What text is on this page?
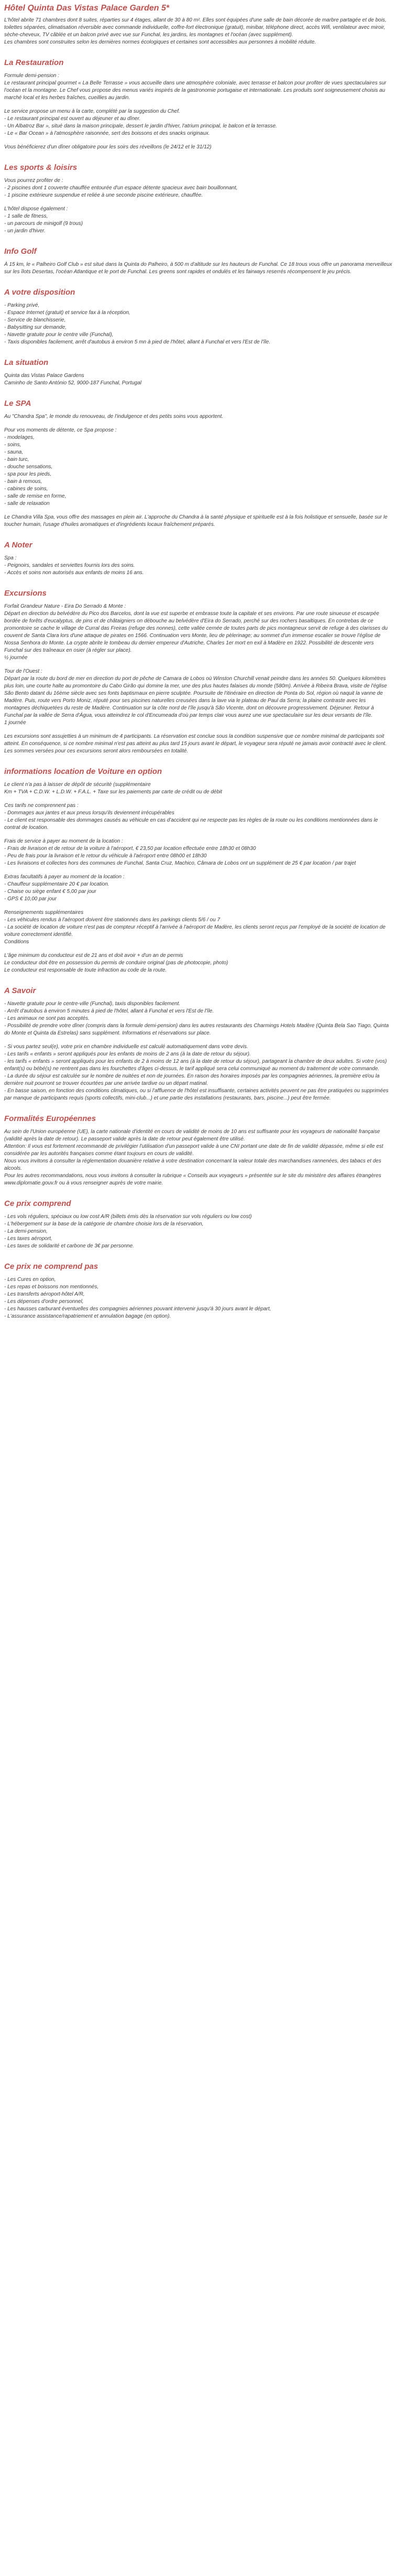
Hôtel Quinta Das Vistas Palace Garden 5*

L'hôtel abrite 71 chambres dont 8 suites, réparties sur 4 étages, allant de 30 à 80 m². Elles sont équipées d'une salle de bain décorée de marbre partagée et de bois, toilettes séparées, climatisation réversible avec commande individuelle, coffre-fort électronique (gratuit), minibar, téléphone direct, accès Wifi, ventilateur avec miroir, sèche-cheveux, TV câblée et un balcon privé avec vue sur Funchal, les jardins, les montagnes et l'océan (avec supplément).

Les chambres sont construites selon les dernières normes écologiques et certaines sont accessibles aux personnes à mobilité réduite.

La Restauration

Formule demi-pension :

Le restaurant principal gourmet « La Belle Terrasse » vous accueille dans une atmosphère coloniale, avec terrasse et balcon pour profiter de vues spectaculaires sur l'océan et la montagne. Le Chef vous propose des menus variés inspirés de la gastronomie portugaise et internationale. Les produits sont soigneusement choisis au marché local et les herbes fraîches, cueillies au jardin.

Le service propose un menu à la carte, complété par la suggestion du Chef.

- Le restaurant principal est ouvert au déjeuner et au dîner.

- Un Albatroz Bar », situé dans la maison principale, dessert le jardin d'hiver, l'atrium principal, le balcon et la terrasse.

- Le « Bar Ocean » à l'atmosphère raisonnée, sert des boissons et des snacks originaux.

Vous bénéficierez d'un dîner obligatoire pour les soirs des réveillons (le 24/12 et le 31/12)

Les sports & loisirs

Vous pourrez profiter de :

- 2 piscines dont 1 couverte chauffée entourée d'un espace détente spacieux avec bain bouillonnant,

- 1 piscine extérieure suspendue et reliée à une seconde piscine extérieure, chauffée.

L'hôtel dispose également :

- 1 salle de fitness,

- un parcours de minigolf (9 trous)

- un jardin d'hiver.

Info Golf

À 15 km, le « Palheiro Golf Club » est situé dans la Quinta do Palheiro, à 500 m d'altitude sur les hauteurs de Funchal. Ce 18 trous vous offre un panorama merveilleux sur les îlots Desertas, l'océan Atlantique et le port de Funchal. Les greens sont rapides et ondulés et les fairways reserrés récompensent le jeu précis.

A votre disposition

- Parking privé,

- Espace Internet (gratuit) et service fax à la réception,

- Service de blanchisserie,

- Babysitting sur demande,

- Navette gratuite pour le centre ville (Funchal),

- Taxis disponibles facilement, arrêt d'autobus à environ 5 mn à pied de l'hôtel, allant à Funchal et vers l'Est de l'île.

La situation

Quinta das Vistas Palace Gardens

Caminho de Santo António 52, 9000-187 Funchal, Portugal

Le SPA

Au "Chandra Spa", le monde du renouveau, de l'indulgence et des petits soins vous apportent.

Pour vos moments de détente, ce Spa propose :

- modelages,

- soins,

- sauna,

- bain turc,

- douche sensations,

- spa pour les pieds,

- bain à remous,

- cabines de soins,

- salle de remise en forme,

- salle de relaxation

Le Chandra Villa Spa, vous offre des massages en plein air. L'approche du Chandra à la santé physique et spirituelle est à la fois holistique et sensuelle, basée sur le toucher humain, l'usage d'huiles aromatiques et d'ingrédients locaux fraîchement préparés.

A Noter

Spa :

- Peignoirs, sandales et serviettes fournis lors des soins.

- Accès et soins non autorisés aux enfants de moins 16 ans.

Excursions

Forfait Grandeur Nature - Eira Do Serrado & Monte :

Départ en direction du belvédère du Pico dos Barcelos, dont la vue est superbe et embrasse toute la capitale et ses environs. Par une route sinueuse et escarpée bordée de forêts d'eucalyptus, de pins et de châtaigniers on débouche au belvédère d'Eira do Serrado, perché sur des rochers basaltiques. En contrebas de ce promontoire se cache le village de Curral das Freiras (refuge des nonnes), cette vallée cernée de toutes parts de pics montagneux servit de refuge à des clarisses du couvent de Santa Clara lors d'une attaque de pirates en 1566. Continuation vers Monte, lieu de pèlerinage; au sommet d'un immense escalier se trouve l'église de Nossa Senhora do Monte. La crypte abrite le tombeau du dernier empereur d'Autriche, Charles 1er mort en exil à Madère en 1922. Possibilité de descente vers Funchal sur des traîneaux en osier (à régler sur place).

½ journée

Tour de l'Ouest :

Départ par la route du bord de mer en direction du port de pêche de Camara de Lobos où Winston Churchill venait peindre dans les années 50. Quelques kilomètres plus loin, une courte halte au promontoire du Cabo Girão qui domine la mer, une des plus hautes falaises du monde (580m). Arrivée à Ribeira Brava, visite de l'église São Bento datant du 16ème siècle avec ses fonts baptismaux en pierre sculptée. Poursuite de l'itinéraire en direction de Ponta do Sol, région où naquit la vanne de Madère. Puis, route vers Porto Moniz, réputé pour ses piscines naturelles creusées dans la lave via le plateau de Paul da Serra; la plaine contraste avec les montagnes déchiquetées du reste de Madère. Continuation sur la côte nord de l'île jusqu'à São Vicente, dont on découvre progressivement. Déjeuner. Retour à Funchal par la vallée de Serra d'Água, vous atteindrez le col d'Encumeada d'où par temps clair vous aurez une vue spectaculaire sur les deux versants de l'île.

1 journée

Les excursions sont assujetties à un minimum de 4 participants. La réservation est conclue sous la condition suspensive que ce nombre minimal de participants soit atteint. En conséquence, si ce nombre minimal n'est pas atteint au plus tard 15 jours avant le départ, le voyageur sera réputé ne jamais avoir contracté avec le client. Les sommes versées pour ces excursions seront alors remboursées en totalité.

informations location de Voiture en option

Le client n'a pas à laisser de dépôt de sécurité (supplémentaire

Km + TVA + C.D.W. + L.D.W. + F.A.L. + Taxe sur les paiements par carte de crédit ou de débit

Ces tarifs ne comprennent pas :

- Dommages aux jantes et aux pneus lorsqu'ils deviennent irrécupérables

- Le client est responsable des dommages causés au véhicule en cas d'accident qui ne respecte pas les règles de la route ou les conditions mentionnées dans le contrat de location.

Frais de service à payer au moment de la location :

- Frais de livraison et de retour de la voiture à l'aéroport, € 23,50 par location effectuée entre 18h30 et 08h30

- Peu de frais pour la livraison et le retour du véhicule à l'aéroport entre 08h00 et 18h30

- Les livraisons et collectes hors des communes de Funchal, Santa Cruz, Machico, Câmara de Lobos ont un supplément de 25 € par location / par trajet

Extras facultatifs à payer au moment de la location :

- Chauffeur supplémentaire 20 € par location.

- Chaise ou siège enfant € 5,00 par jour

- GPS € 10,00 par jour

Renseignements supplémentaires

- Les véhicules rendus à l'aéroport doivent être stationnés dans les parkings clients 5/6 / ou 7

- La société de location de voiture n'est pas de compteur réceptif à l'arrivée à l'aéroport de Madère, les clients seront reçus par l'employé de la société de location de voiture correctement identifié.

Conditions

L'âge minimum du conducteur est de 21 ans et doit avoir + d'un an de permis

Le conducteur doit être en possession du permis de conduire original (pas de photocopie, photo)

Le conducteur est responsable de toute infraction au code de la route.

A Savoir

- Navette gratuite pour le centre-ville (Funchal), taxis disponibles facilement.

- Arrêt d'autobus à environ 5 minutes à pied de l'hôtel, allant à Funchal et vers l'Est de l'île.

- Les animaux ne sont pas acceptés.

- Possibilité de prendre votre dîner (compris dans la formule demi-pension) dans les autres restaurants des Charmings Hotels Madère (Quinta Bela Sao Tiago, Quinta do Monte et Quinta da Estrelas) sans supplément. Informations et réservations sur place.

- Si vous partez seul(e), votre prix en chambre individuelle est calculé automatiquement dans votre devis.

- Les tarifs « enfants » seront appliqués pour les enfants de moins de 2 ans (à la date de retour du séjour).

- les tarifs « enfants » seront appliqués pour les enfants de 2 à moins de 12 ans (à la date de retour du séjour), partageant la chambre de deux adultes. Si votre (vos) enfant(s) ou bébé(s) ne rentrent pas dans les fourchettes d'âges ci-dessus, le tarif appliqué sera celui communiqué au moment du traitement de votre commande.

- La durée du séjour est calculée sur le nombre de nuitées et non de journées. En raison des horaires imposés par les compagnies aériennes, la première et/ou la dernière nuit pourront se trouver écourtées par une arrivée tardive ou un départ matinal.

- En basse saison, en fonction des conditions climatiques, ou si l'affluence de l'hôtel est insuffisante, certaines activités peuvent ne pas être pratiquées ou supprimées par manque de participants requis (sports collectifs, mini-club...) et une partie des installations (restaurants, bars, piscine...) peut être fermée.

Formalités Européennes

Au sein de l'Union européenne (UE), la carte nationale d'identité en cours de validité de moins de 10 ans est suffisante pour les voyageurs de nationalité française (validité après la date de retour). Le passeport valide après la date de retour peut également être utilisé.

Attention: Il vous est fortement recommandé de privilégier l'utilisation d'un passeport valide à une CNI portant une date de fin de validité dépassée, même si elle est considérée par les autorités françaises comme étant toujours en cours de validité.

Nous vous invitons à consulter la réglementation douanière relative à votre destination concernant la valeur totale des marchandises rannenées, des tabacs et des alcools.

Pour les autres recommandations, nous vous invitons à consulter la rubrique « Conseils aux voyageurs » présentée sur le site du ministère des affaires étrangères www.diplomatie.gouv.fr ou à vous renseigner auprès de votre mairie.

Ce prix comprend

- Les vols réguliers, spéciaux ou low cost A/R (billets émis dès la réservation sur vols réguliers ou low cost)

- L'hébergement sur la base de la catégorie de chambre choisie lors de la réservation,

- La demi-pension,

- Les taxes aéroport,

- Les taxes de solidarité et carbone de 3€ par personne.

Ce prix ne comprend pas

- Les Cures en option,

- Les repas et boissons non mentionnés,

- Les transferts aéroport-hôtel A/R,

- Les dépenses d'ordre personnel,

- Les hausses carburant éventuelles des compagnies aériennes pouvant intervenir jusqu'à 30 jours avant le départ,

- L'assurance assistance/rapatriement et annulation bagage (en option).
